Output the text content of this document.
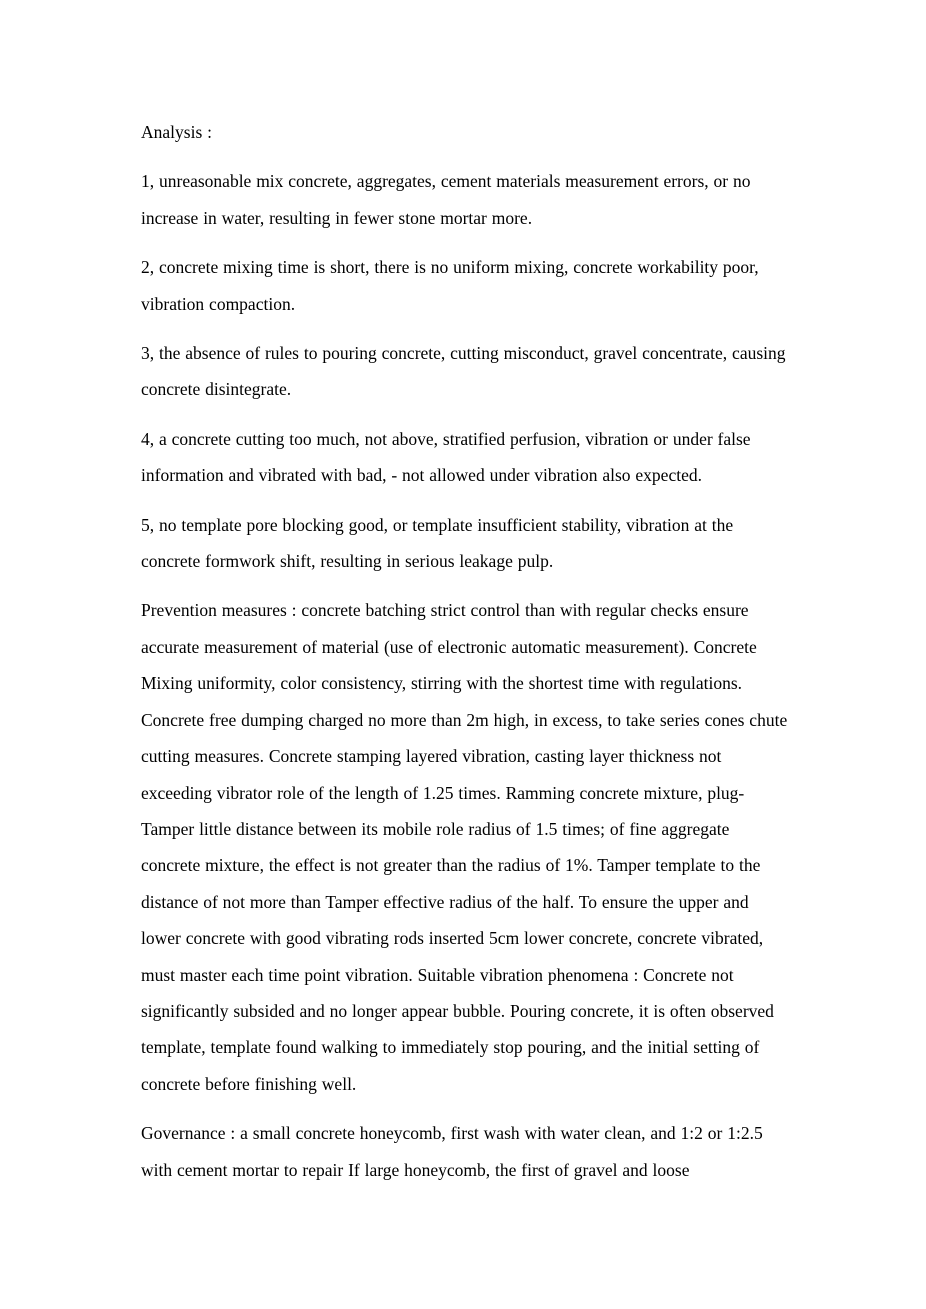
Analysis :

1, unreasonable mix concrete, aggregates, cement materials measurement errors, or no increase in water, resulting in fewer stone mortar more.

2, concrete mixing time is short, there is no uniform mixing, concrete workability poor, vibration compaction.

3, the absence of rules to pouring concrete, cutting misconduct, gravel concentrate, causing concrete disintegrate.

4, a concrete cutting too much, not above, stratified perfusion, vibration or under false information and vibrated with bad, - not allowed under vibration also expected.

5, no template pore blocking good, or template insufficient stability, vibration at the concrete formwork shift, resulting in serious leakage pulp.

Prevention measures : concrete batching strict control than with regular checks ensure accurate measurement of material (use of electronic automatic measurement). Concrete Mixing uniformity, color consistency, stirring with the shortest time with regulations. Concrete free dumping charged no more than 2m high, in excess, to take series cones chute cutting measures. Concrete stamping layered vibration, casting layer thickness not exceeding vibrator role of the length of 1.25 times. Ramming concrete mixture, plug-Tamper little distance between its mobile role radius of 1.5 times; of fine aggregate concrete mixture, the effect is not greater than the radius of 1%. Tamper template to the distance of not more than Tamper effective radius of the half. To ensure the upper and lower concrete with good vibrating rods inserted 5cm lower concrete, concrete vibrated, must master each time point vibration. Suitable vibration phenomena : Concrete not significantly subsided and no longer appear bubble. Pouring concrete, it is often observed template, template found walking to immediately stop pouring, and the initial setting of concrete before finishing well.

Governance : a small concrete honeycomb, first wash with water clean, and 1:2 or 1:2.5 with cement mortar to repair If large honeycomb, the first of gravel and loose
